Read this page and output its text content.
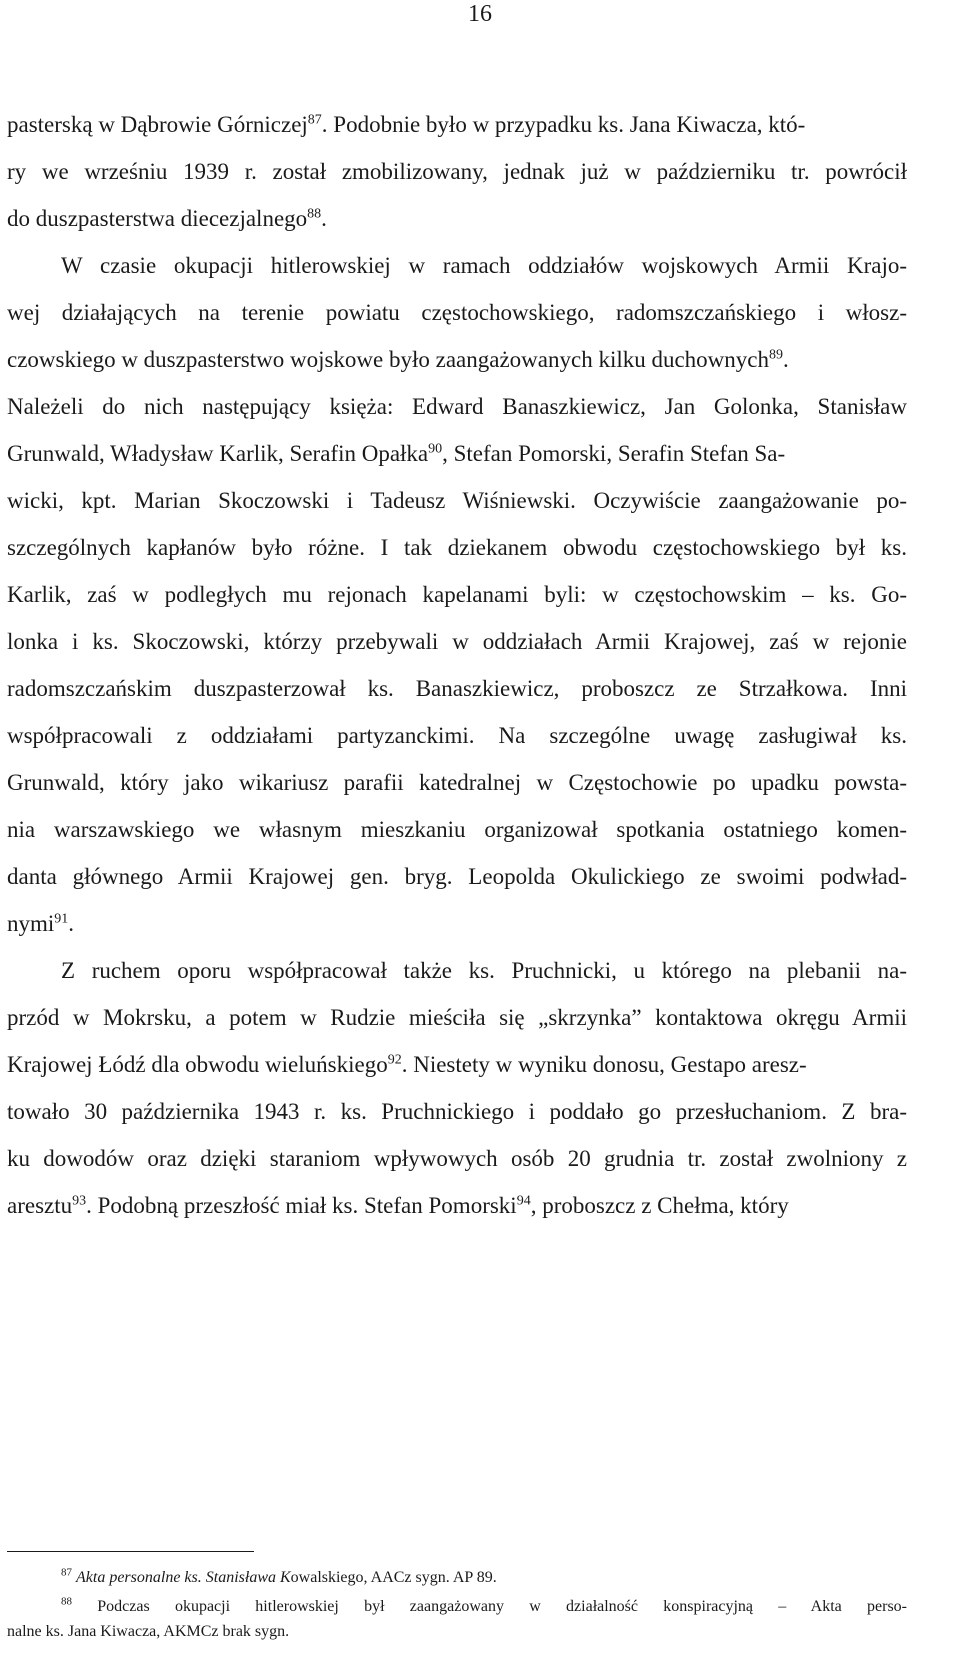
16
pasterską w Dąbrowie Górniczej$^{87}$. Podobnie było w przypadku ks. Jana Kiwacza, któ-
ry we wrześniu 1939 r. został zmobilizowany, jednak już w październiku tr. powrócił
do duszpasterstwa diecezjalnego$^{88}$.
W czasie okupacji hitlerowskiej w ramach oddziałów wojskowych Armii Krajo-
wej działających na terenie powiatu częstochowskiego, radomszczańskiego i włosz-
czowskiego w duszpasterstwo wojskowe było zaangażowanych kilku duchownych$^{89}$.
Należeli do nich następujący księża: Edward Banaszkiewicz, Jan Golonka, Stanisław
Grunwald, Władysław Karlik, Serafin Opałka$^{90}$, Stefan Pomorski, Serafin Stefan Sa-
wicki, kpt. Marian Skoczowski i Tadeusz Wiśniewski. Oczywiście zaangażowanie po-
szczególnych kapłanów było różne. I tak dziekanem obwodu częstochowskiego był ks.
Karlik, zaś w podległych mu rejonach kapelanami byli: w częstochowskim – ks. Go-
lonka i ks. Skoczowski, którzy przebywali w oddziałach Armii Krajowej, zaś w rejonie
radomszczańskim duszpasterzował ks. Banaszkiewicz, proboszcz ze Strzałkowa. Inni
współpracowali z oddziałami partyzanckimi. Na szczególne uwagę zasługiwał ks.
Grunwald, który jako wikariusz parafii katedralnej w Częstochowie po upadku powsta-
nia warszawskiego we własnym mieszkaniu organizował spotkania ostatniego komen-
danta głównego Armii Krajowej gen. bryg. Leopolda Okulickiego ze swoimi podwład-
nymi$^{91}$.
Z ruchem oporu współpracował także ks. Pruchnicki, u którego na plebanii na-
przód w Mokrsku, a potem w Rudzie mieściła się „skrzynka” kontaktowa okręgu Armii
Krajowej Łódź dla obwodu wieluńskiego$^{92}$. Niestety w wyniku donosu, Gestapo aresz-
towało 30 października 1943 r. ks. Pruchnickiego i poddało go przesłuchaniom. Z bra-
ku dowodów oraz dzięki staraniom wpływowych osób 20 grudnia tr. został zwolniony z
aresztu$^{93}$. Podobną przeszłość miał ks. Stefan Pomorski$^{94}$, proboszcz z Chełma, który
$^{87}$ Akta personalne ks. Stanisława Kowalskiego, AACz sygn. AP 89.
$^{88}$ Podczas okupacji hitlerowskiej był zaangażowany w działalność konspiracyjną – Akta perso-
nalne ks. Jana Kiwacza, AKMCz brak sygn.
